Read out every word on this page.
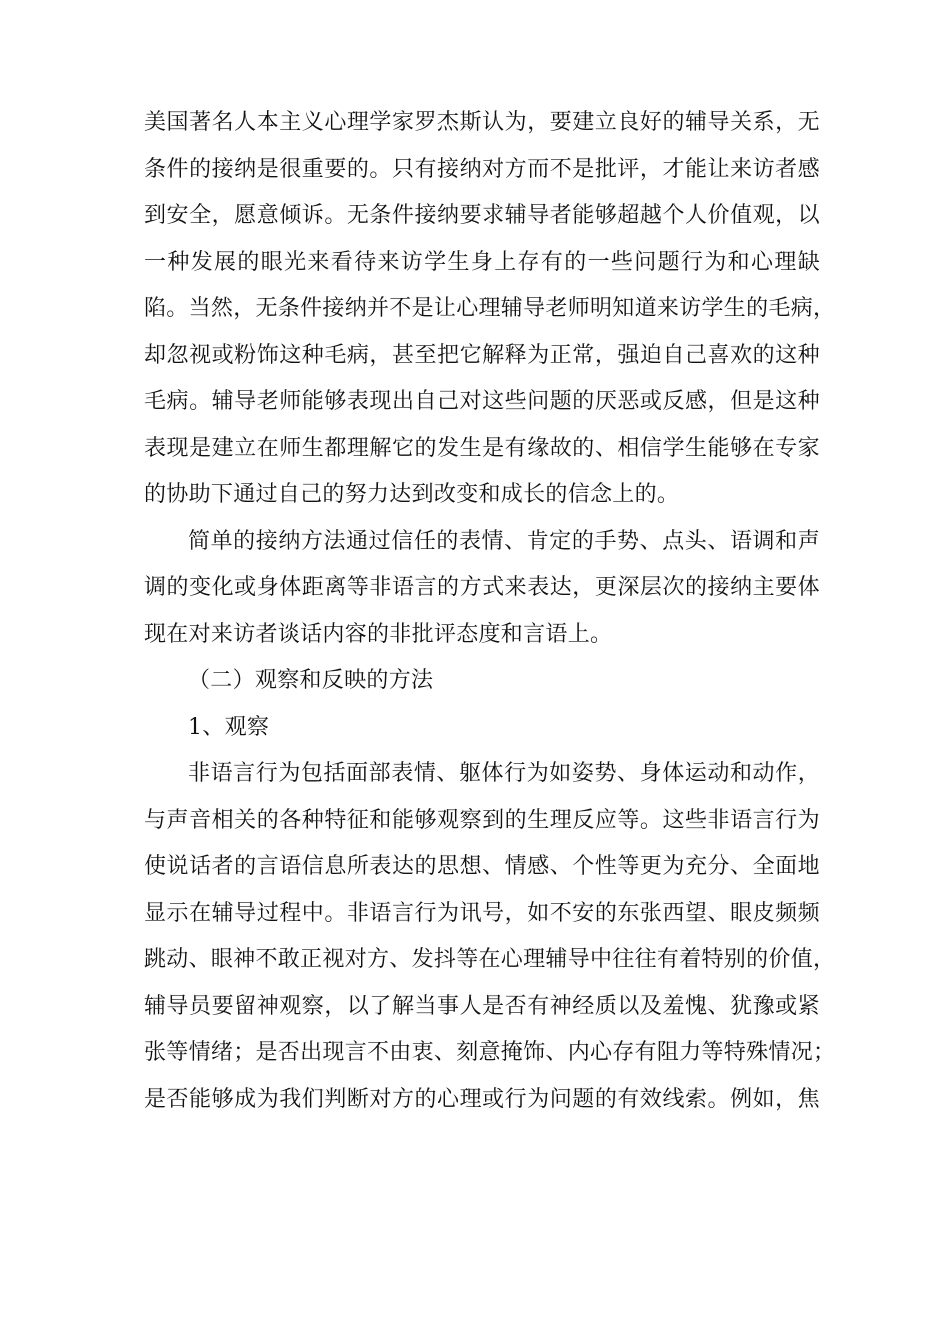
美国著名人本主义心理学家罗杰斯认为，要建立良好的辅导关系，无
条件的接纳是很重要的。只有接纳对方而不是批评，才能让来访者感
到安全，愿意倾诉。无条件接纳要求辅导者能够超越个人价值观，以
一种发展的眼光来看待来访学生身上存有的一些问题行为和心理缺
陷。当然，无条件接纳并不是让心理辅导老师明知道来访学生的毛病，
却忽视或粉饰这种毛病，甚至把它解释为正常，强迫自己喜欢的这种
毛病。辅导老师能够表现出自己对这些问题的厌恶或反感，但是这种
表现是建立在师生都理解它的发生是有缘故的、相信学生能够在专家
的协助下通过自己的努力达到改变和成长的信念上的。
简单的接纳方法通过信任的表情、肯定的手势、点头、语调和声
调的变化或身体距离等非语言的方式来表达，更深层次的接纳主要体
现在对来访者谈话内容的非批评态度和言语上。
（二）观察和反映的方法
1、观察
非语言行为包括面部表情、躯体行为如姿势、身体运动和动作，
与声音相关的各种特征和能够观察到的生理反应等。这些非语言行为
使说话者的言语信息所表达的思想、情感、个性等更为充分、全面地
显示在辅导过程中。非语言行为讯号，如不安的东张西望、眼皮频频
跳动、眼神不敢正视对方、发抖等在心理辅导中往往有着特别的价值，
辅导员要留神观察，以了解当事人是否有神经质以及羞愧、犹豫或紧
张等情绪；是否出现言不由衷、刻意掩饰、内心存有阻力等特殊情况；
是否能够成为我们判断对方的心理或行为问题的有效线索。例如，焦
